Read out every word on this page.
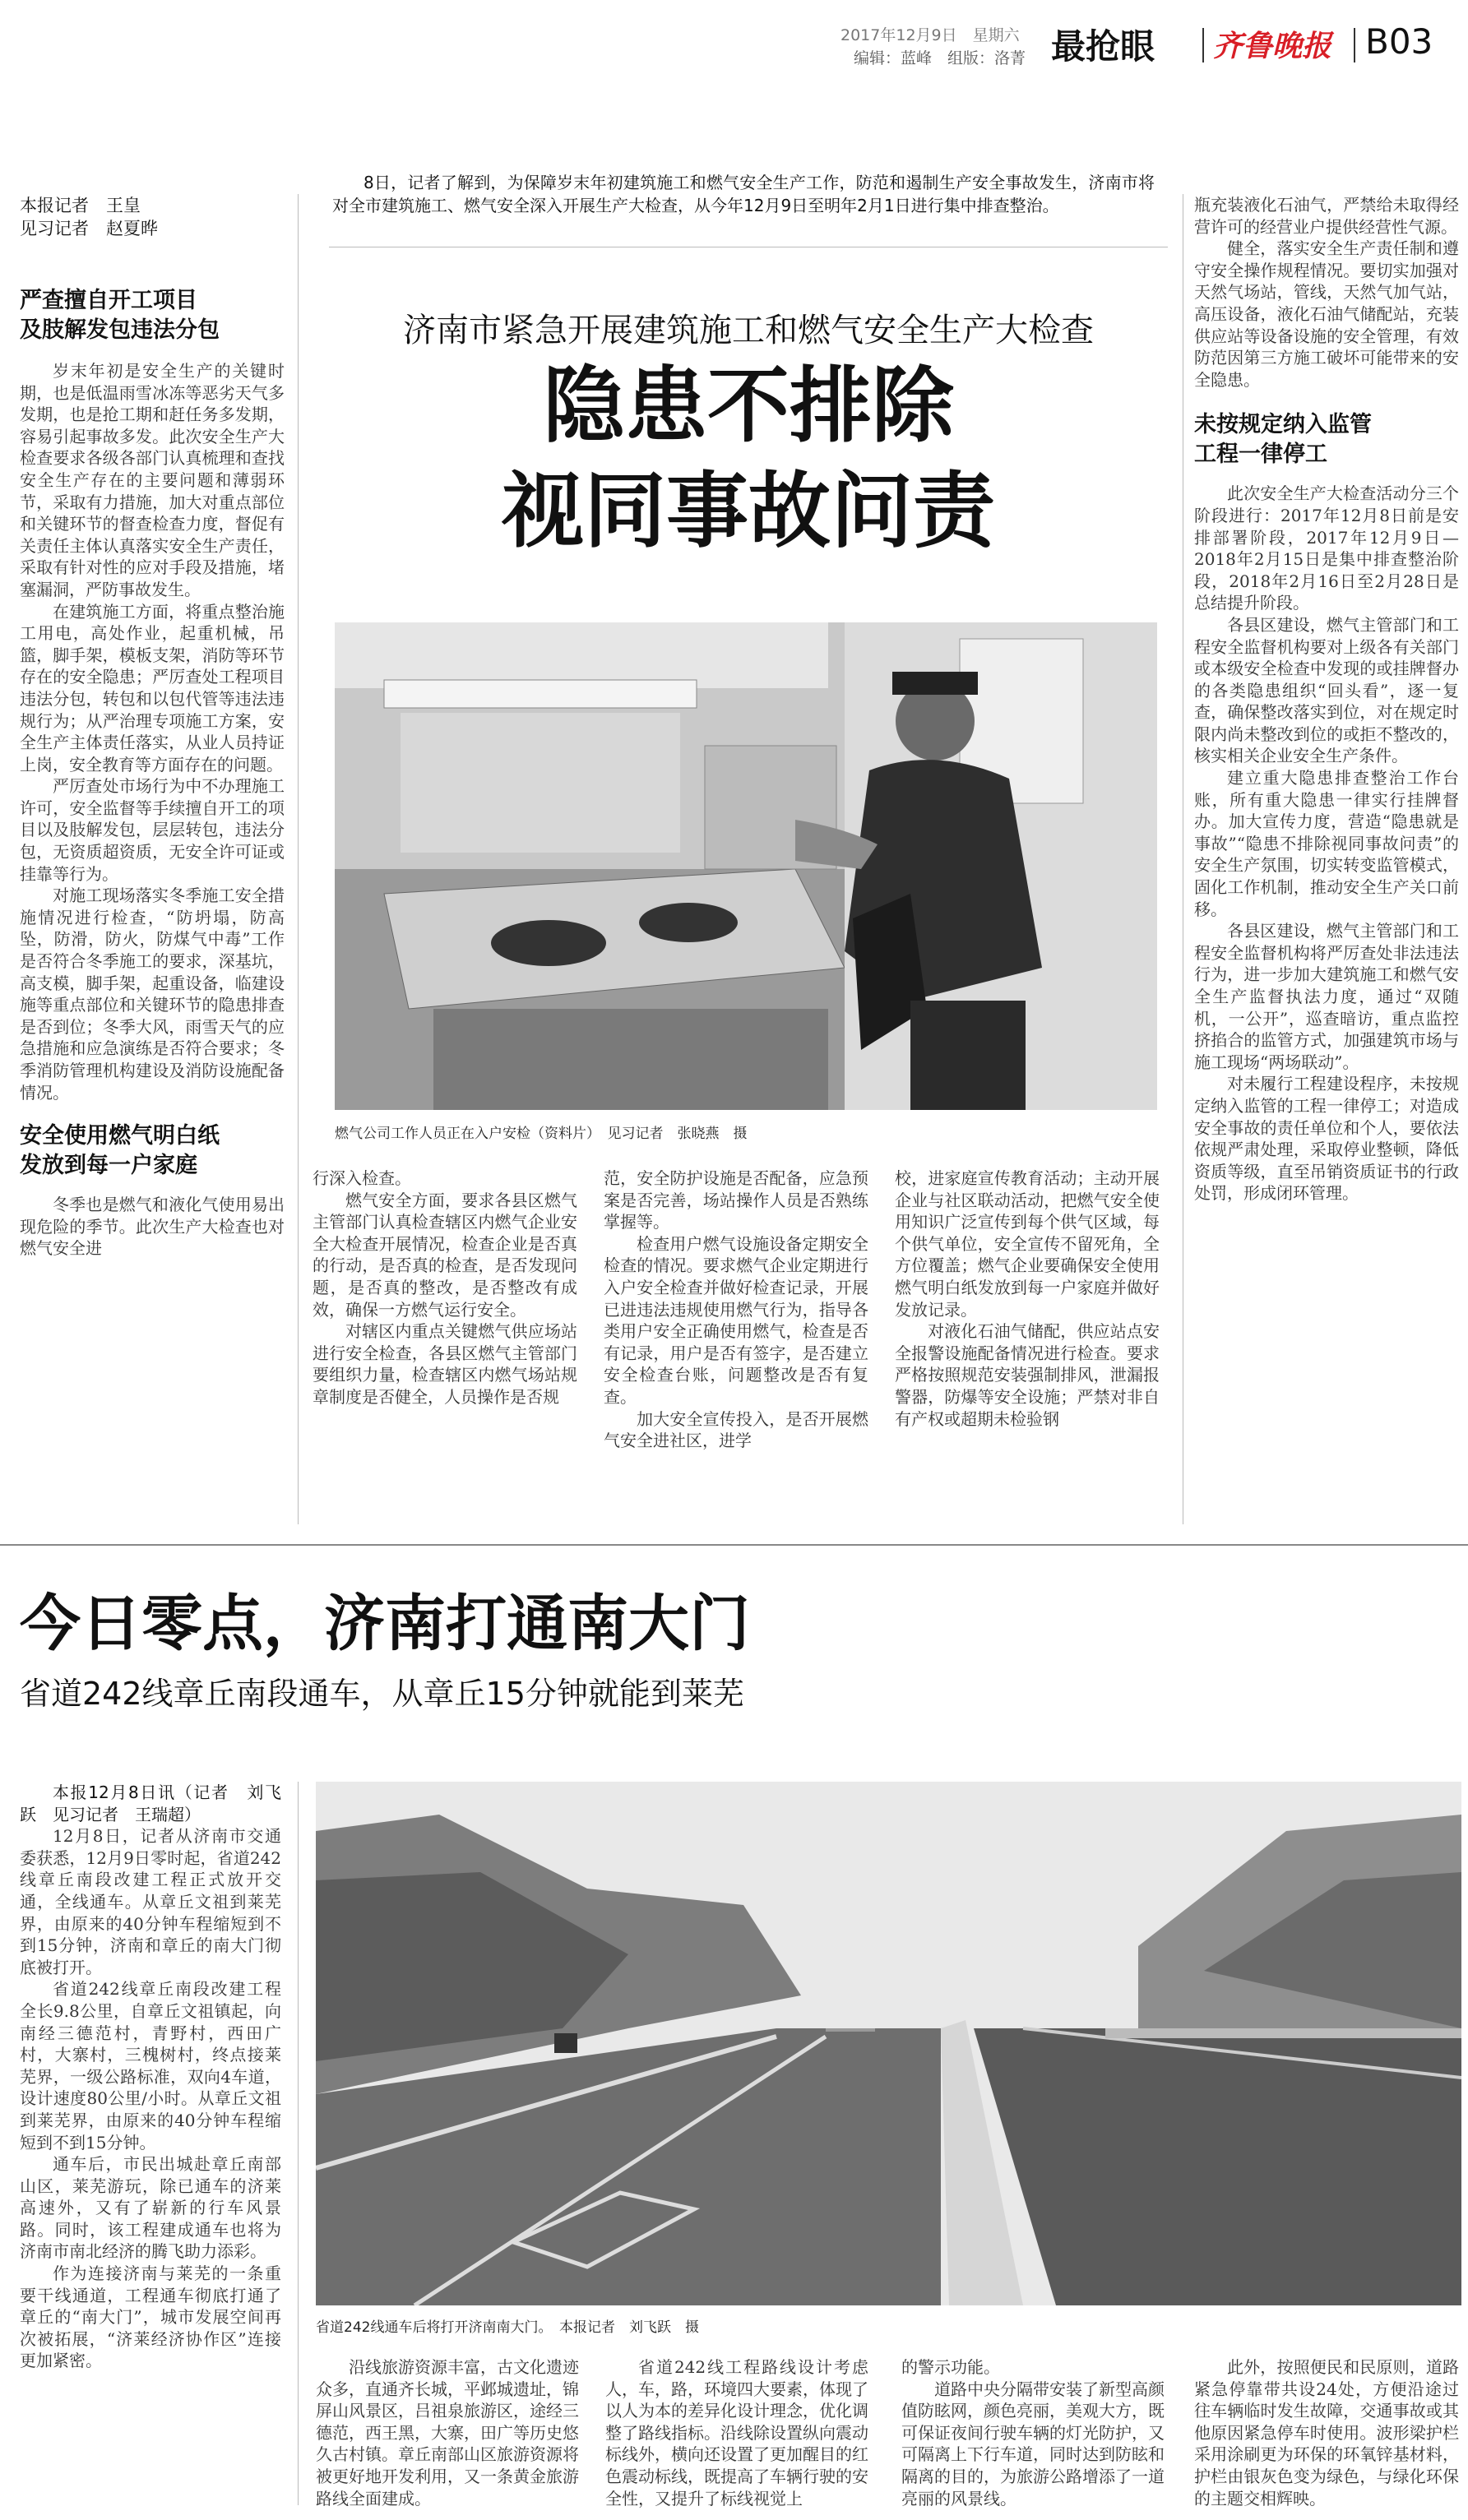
2017年12月9日　 星期六
编辑：蓝峰　组版：洛菁 最抢眼 齐鲁晚报 B03
本报记者　王皇
见习记者　赵夏晔
8日，记者了解到，为保障岁末年初建筑施工和燃气安全生产工作，防范和遏制生产安全事故发生，济南市将对全市建筑施工、燃气安全深入开展生产大检查，从今年12月9日至明年2月1日进行集中排查整治。
济南市紧急开展建筑施工和燃气安全生产大检查
隐患不排除
视同事故问责
燃气公司工作人员正在入户安检（资料片）　见习记者　张晓燕　摄
严查擅自开工项目
及肢解发包违法分包

岁末年初是安全生产的关键时期，也是低温雨雪冰冻等恶劣天气多发期，也是抢工期和赶任务多发期，容易引起事故多发。此次安全生产大检查要求各级各部门认真梳理和查找安全生产存在的主要问题和薄弱环节，采取有力措施，加大对重点部位和关键环节的督查检查力度，督促有关责任主体认真落实安全生产责任，采取有针对性的应对手段及措施，堵塞漏洞，严防事故发生。

在建筑施工方面，将重点整治施工用电，高处作业，起重机械，吊篮，脚手架，模板支架，消防等环节存在的安全隐患；严厉查处工程项目违法分包，转包和以包代管等违法违规行为；从严治理专项施工方案，安全生产主体责任落实，从业人员持证上岗，安全教育等方面存在的问题。

严厉查处市场行为中不办理施工许可，安全监督等手续擅自开工的项目以及肢解发包，层层转包，违法分包，无资质超资质，无安全许可证或挂靠等行为。

对施工现场落实冬季施工安全措施情况进行检查，“防坍塌，防高坠，防滑，防火，防煤气中毒”工作是否符合冬季施工的要求，深基坑，高支模，脚手架，起重设备，临建设施等重点部位和关键环节的隐患排查是否到位；冬季大风，雨雪天气的应急措施和应急演练是否符合要求；冬季消防管理机构建设及消防设施配备情况。

安全使用燃气明白纸
发放到每一户家庭

冬季也是燃气和液化气使用易出现危险的季节。此次生产大检查也对燃气安全进

行深入检查。

燃气安全方面，要求各县区燃气主管部门认真检查辖区内燃气企业安全大检查开展情况，检查企业是否真的行动，是否真的检查，是否发现问题，是否真的整改，是否整改有成效，确保一方燃气运行安全。

对辖区内重点关键燃气供应场站进行安全检查，各县区燃气主管部门要组织力量，检查辖区内燃气场站规章制度是否健全，人员操作是否规

范，安全防护设施是否配备，应急预案是否完善，场站操作人员是否熟练掌握等。

检查用户燃气设施设备定期安全检查的情况。要求燃气企业定期进行入户安全检查并做好检查记录，开展已进违法违规使用燃气行为，指导各类用户安全正确使用燃气，检查是否有记录，用户是否有签字，是否建立安全检查台账，问题整改是否有复查。

加大安全宣传投入，是否开展燃气安全进社区，进学

校，进家庭宣传教育活动；主动开展企业与社区联动活动，把燃气安全使用知识广泛宣传到每个供气区域，每个供气单位，安全宣传不留死角，全方位覆盖；燃气企业要确保安全使用燃气明白纸发放到每一户家庭并做好发放记录。

对液化石油气储配，供应站点安全报警设施配备情况进行检查。要求严格按照规范安装强制排风，泄漏报警器，防爆等安全设施；严禁对非自有产权或超期未检验钢

瓶充装液化石油气，严禁给未取得经营许可的经营业户提供经营性气源。

健全，落实安全生产责任制和遵守安全操作规程情况。要切实加强对天然气场站，管线，天然气加气站，高压设备，液化石油气储配站，充装供应站等设备设施的安全管理，有效防范因第三方施工破坏可能带来的安全隐患。

未按规定纳入监管
工程一律停工

此次安全生产大检查活动分三个阶段进行：2017年12月8日前是安排部署阶段，2017年12月9日—2018年2月15日是集中排查整治阶段，2018年2月16日至2月28日是总结提升阶段。

各县区建设，燃气主管部门和工程安全监督机构要对上级各有关部门或本级安全检查中发现的或挂牌督办的各类隐患组织“回头看”，逐一复查，确保整改落实到位，对在规定时限内尚未整改到位的或拒不整改的，核实相关企业安全生产条件。

建立重大隐患排查整治工作台账，所有重大隐患一律实行挂牌督办。加大宣传力度，营造“隐患就是事故”“隐患不排除视同事故问责”的安全生产氛围，切实转变监管模式，固化工作机制，推动安全生产关口前移。

各县区建设，燃气主管部门和工程安全监督机构将严厉查处非法违法行为，进一步加大建筑施工和燃气安全生产监督执法力度，通过“双随机，一公开”，巡查暗访，重点监控挤掐合的监管方式，加强建筑市场与施工现场“两场联动”。

对未履行工程建设程序，未按规定纳入监管的工程一律停工；对造成安全事故的责任单位和个人，要依法依规严肃处理，采取停业整顿，降低资质等级，直至吊销资质证书的行政处罚，形成闭环管理。

今日零点，济南打通南大门
省道242线章丘南段通车，从章丘15分钟就能到莱芜
省道242线通车后将打开济南南大门。　本报记者　刘飞跃　摄

本报12月8日讯（记者　刘飞跃　见习记者　王瑞超）

12月8日，记者从济南市交通委获悉，12月9日零时起，省道242线章丘南段改建工程正式放开交通，全线通车。从章丘文祖到莱芜界，由原来的40分钟车程缩短到不到15分钟，济南和章丘的南大门彻底被打开。

省道242线章丘南段改建工程全长9.8公里，自章丘文祖镇起，向南经三德范村，青野村，西田广村，大寨村，三槐树村，终点接莱芜界，一级公路标准，双向4车道，设计速度80公里/小时。从章丘文祖到莱芜界，由原来的40分钟车程缩短到不到15分钟。

通车后，市民出城赴章丘南部山区，莱芜游玩，除已通车的济莱高速外，又有了崭新的行车风景路。同时，该工程建成通车也将为济南市南北经济的腾飞助力添彩。

作为连接济南与莱芜的一条重要干线通道，工程通车彻底打通了章丘的“南大门”，城市发展空间再次被拓展，“济莱经济协作区”连接更加紧密。	沿线旅游资源丰富，古文化遗迹众多，直通齐长城，平邺城遗址，锦屏山风景区，吕祖泉旅游区，途经三德范，西王黑，大寨，田广等历史悠久古村镇。章丘南部山区旅游资源将被更好地开发利用，又一条黄金旅游路线全面建成。

省道242线工程路线设计考虑人，车，路，环境四大要素，体现了以人为本的差异化设计理念，优化调整了路线指标。沿线除设置纵向震动标线外，横向还设置了更加醒目的红色震动标线，既提高了车辆行驶的安全性，又提升了标线视觉上

的警示功能。

道路中央分隔带安装了新型高颜值防眩网，颜色亮丽，美观大方，既可保证夜间行驶车辆的灯光防护，又可隔离上下行车道，同时达到防眩和隔离的目的，为旅游公路增添了一道亮丽的风景线。

此外，按照便民和民原则，道路紧急停靠带共设24处，方便沿途过往车辆临时发生故障，交通事故或其他原因紧急停车时使用。波形梁护栏采用涂刷更为环保的环氧锌基材料，护栏由银灰色变为绿色，与绿化环保的主题交相辉映。
